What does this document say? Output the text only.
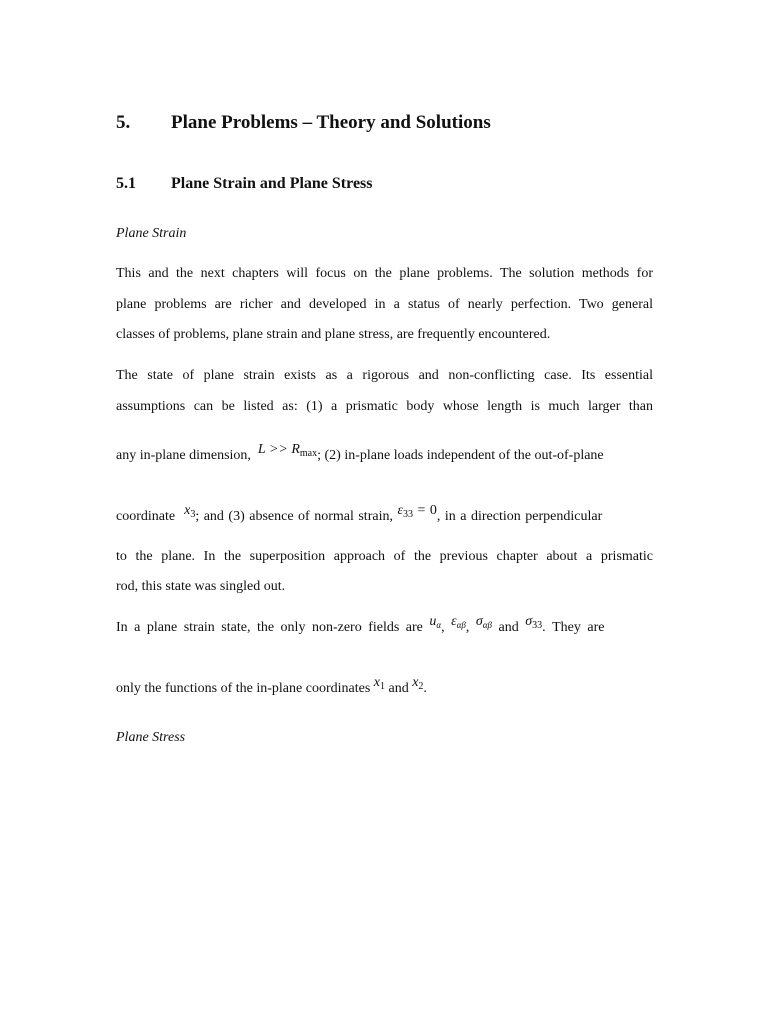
5. Plane Problems – Theory and Solutions
5.1 Plane Strain and Plane Stress
Plane Strain
This and the next chapters will focus on the plane problems. The solution methods for
plane problems are richer and developed in a status of nearly perfection. Two general
classes of problems, plane strain and plane stress, are frequently encountered.
The state of plane strain exists as a rigorous and non-conflicting case. Its essential
assumptions can be listed as: (1) a prismatic body whose length is much larger than
any in-plane dimension, $L >> R_{max}$; (2) in-plane loads independent of the out-of-plane
coordinate $x_3$; and (3) absence of normal strain, $\varepsilon_{33} = 0$, in a direction perpendicular
to the plane. In the superposition approach of the previous chapter about a prismatic
rod, this state was singled out.
In a plane strain state, the only non-zero fields are $u_\alpha$, $\varepsilon_{\alpha\beta}$, $\sigma_{\alpha\beta}$ and $\sigma_{33}$. They are
only the functions of the in-plane coordinates $x_1$ and $x_2$.
Plane Stress
